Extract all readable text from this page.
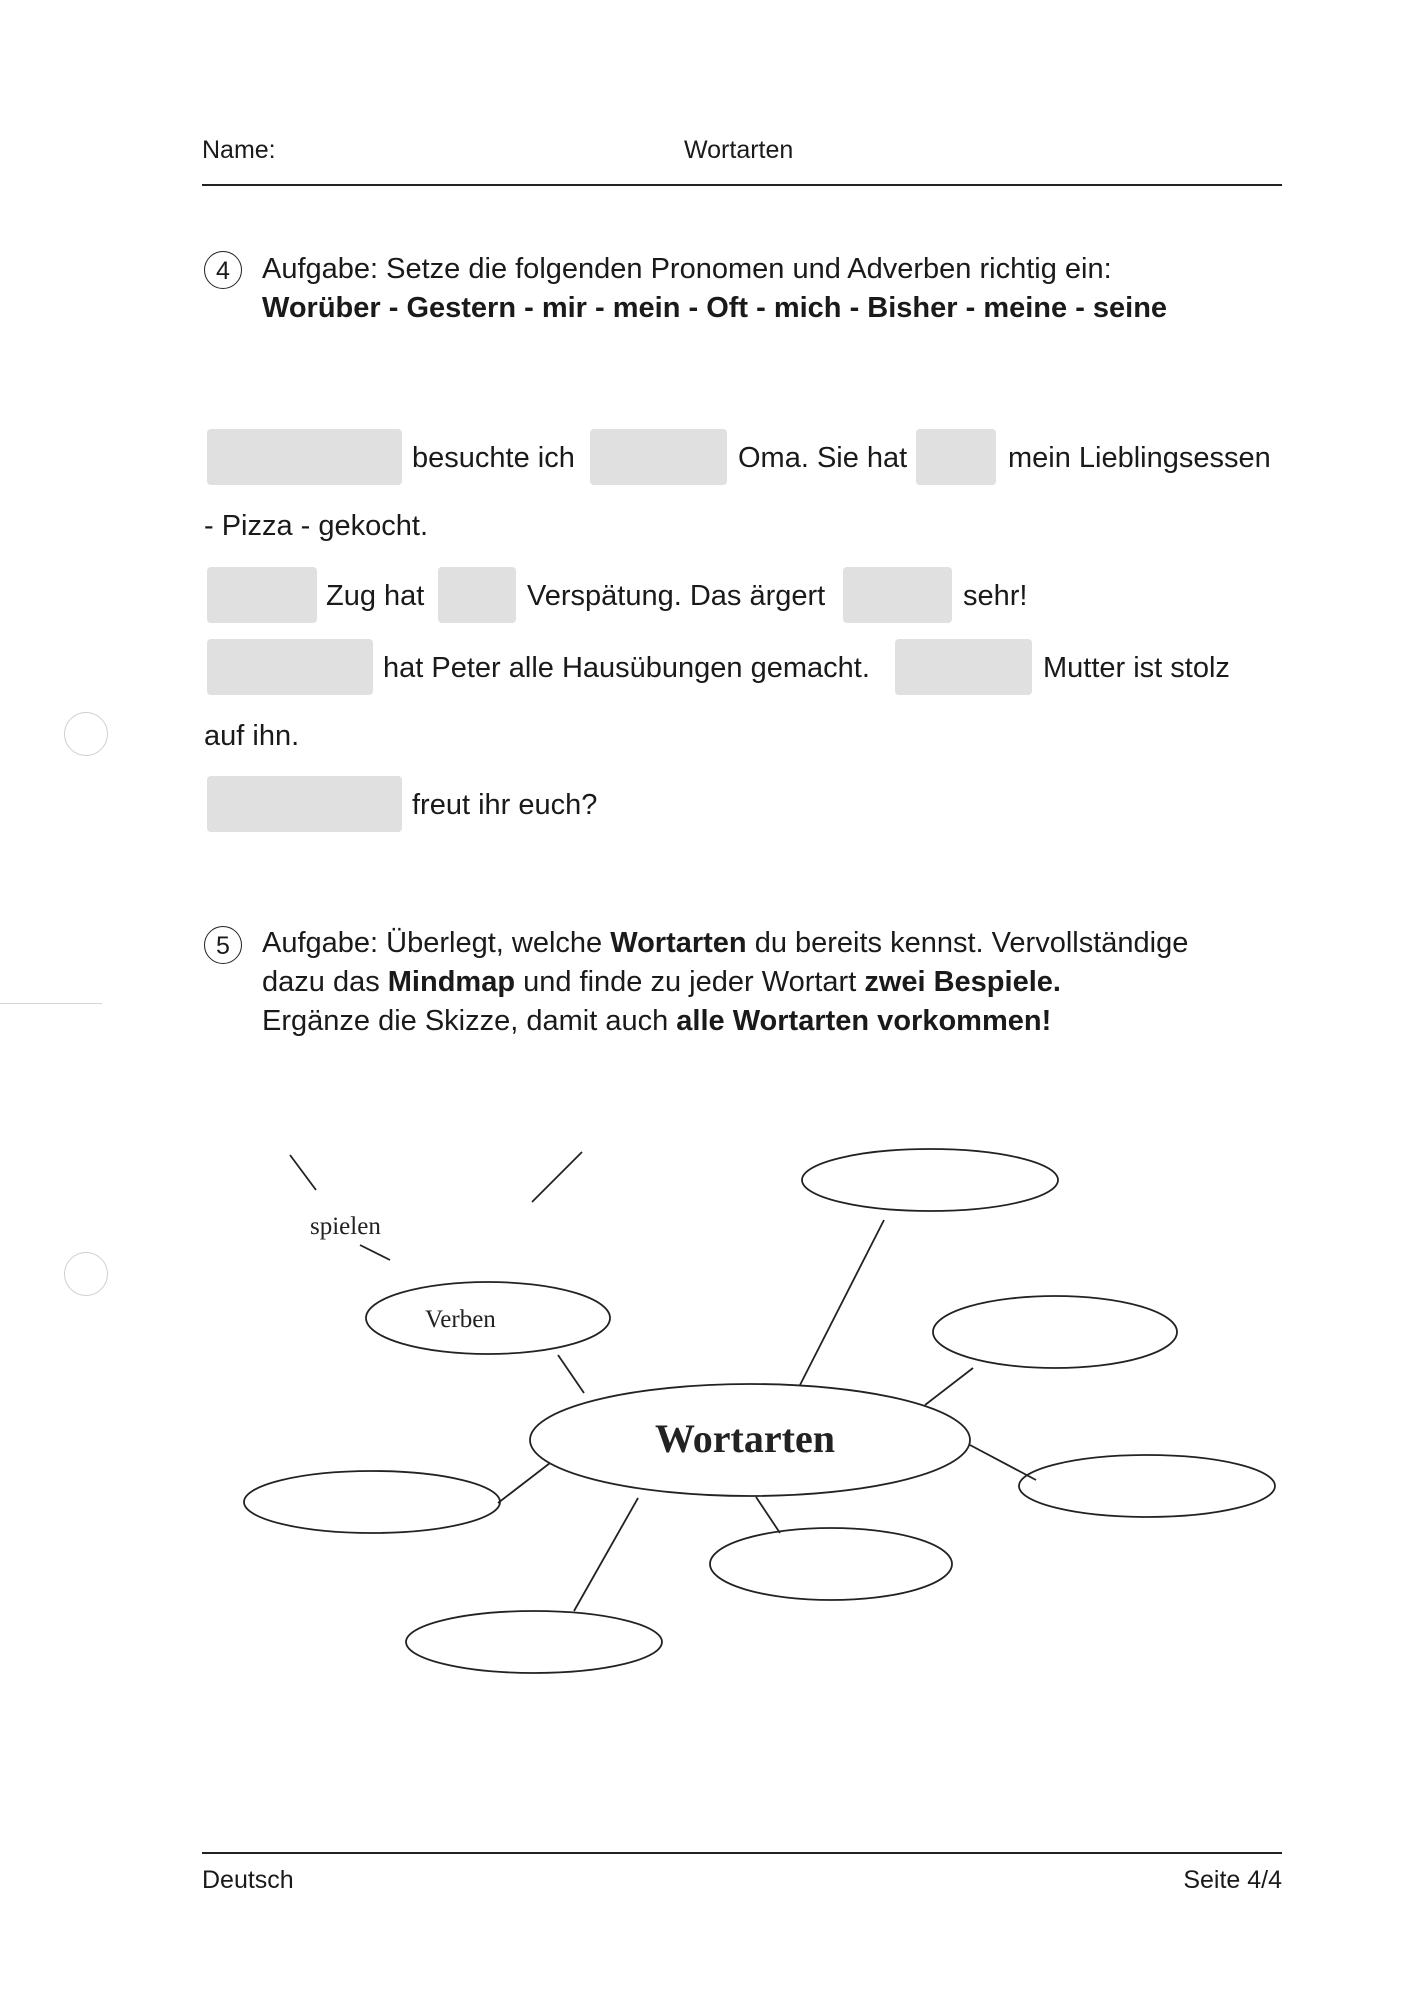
Name:	Wortarten
4	Aufgabe: Setze die folgenden Pronomen und Adverben richtig ein:
Worüber - Gestern - mir - mein - Oft - mich - Bisher - meine - seine
besuchte ich	Oma. Sie hat	mein Lieblingsessen
- Pizza - gekocht.
Zug hat	Verspätung. Das ärgert	sehr!
hat Peter alle Hausübungen gemacht.	Mutter ist stolz
auf ihn.
freut ihr euch?
5	Aufgabe: Überlegt, welche Wortarten du bereits kennst. Vervollständige
dazu das Mindmap und finde zu jeder Wortart zwei Bespiele.
Ergänze die Skizze, damit auch alle Wortarten vorkommen!
spielen
Verben
Wortarten
Deutsch	Seite 4/4
